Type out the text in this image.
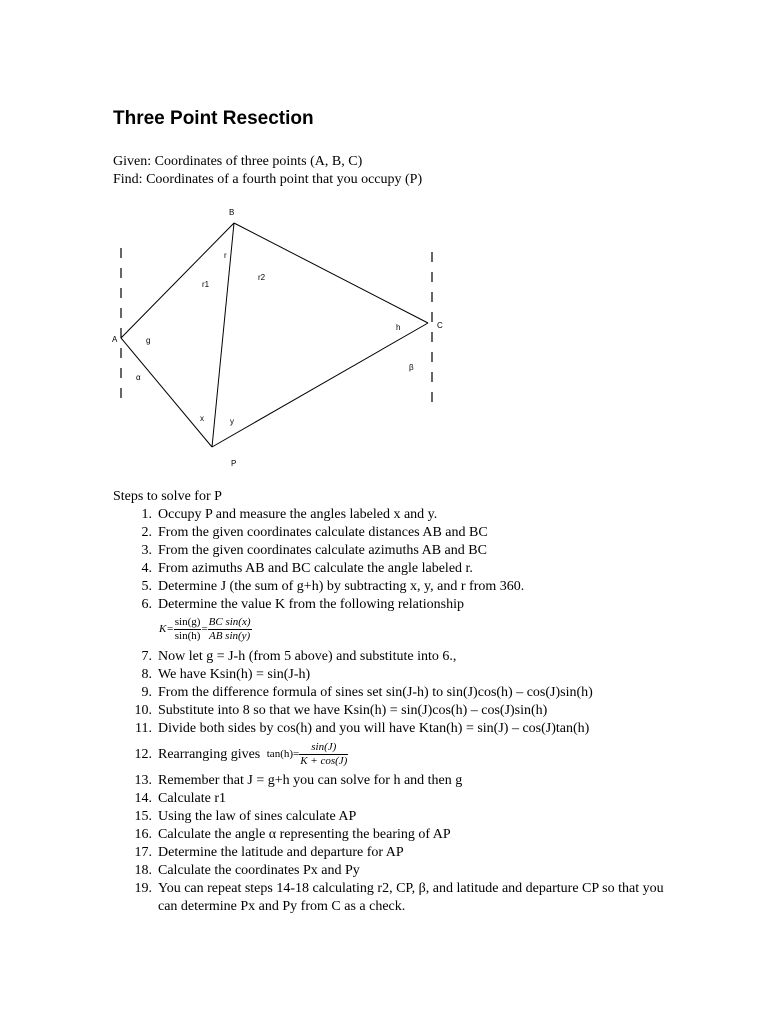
Three Point Resection
Given: Coordinates of three points (A, B, C)
Find: Coordinates of a fourth point that you occupy (P)
B
A
C
P
r
r1
r2
g
h
x	y
α
β
Steps to solve for P
1. Occupy P and measure the angles labeled x and y.
2. From the given coordinates calculate distances AB and BC
3. From the given coordinates calculate azimuths AB and BC
4. From azimuths AB and BC calculate the angle labeled r.
5. Determine J (the sum of g+h) by subtracting x, y, and r from 360.
6. Determine the value K from the following relationship
$K= \frac{\sin(g)}{\sin(h)} = \frac{\text{BC sin(x)}}{\text{AB sin(y)}}$
7. Now let g = J-h (from 5 above) and substitute into 6.,
8. We have Ksin(h) = sin(J-h)
9. From the difference formula of sines set sin(J-h) to sin(J)cos(h) – cos(J)sin(h)
10. Substitute into 8 so that we have Ksin(h) = sin(J)cos(h) – cos(J)sin(h)
11. Divide both sides by cos(h) and you will have Ktan(h) = sin(J) – cos(J)tan(h)
12. Rearranging gives $\tan(h)= \frac{\sin(J)}{K + \cos(J)}$
13. Remember that J = g+h you can solve for h and then g
14. Calculate r1
15. Using the law of sines calculate AP
16. Calculate the angle α representing the bearing of AP
17. Determine the latitude and departure for AP
18. Calculate the coordinates Px and Py
19. You can repeat steps 14-18 calculating r2, CP, β, and latitude and departure CP so that you can determine Px and Py from C as a check.
